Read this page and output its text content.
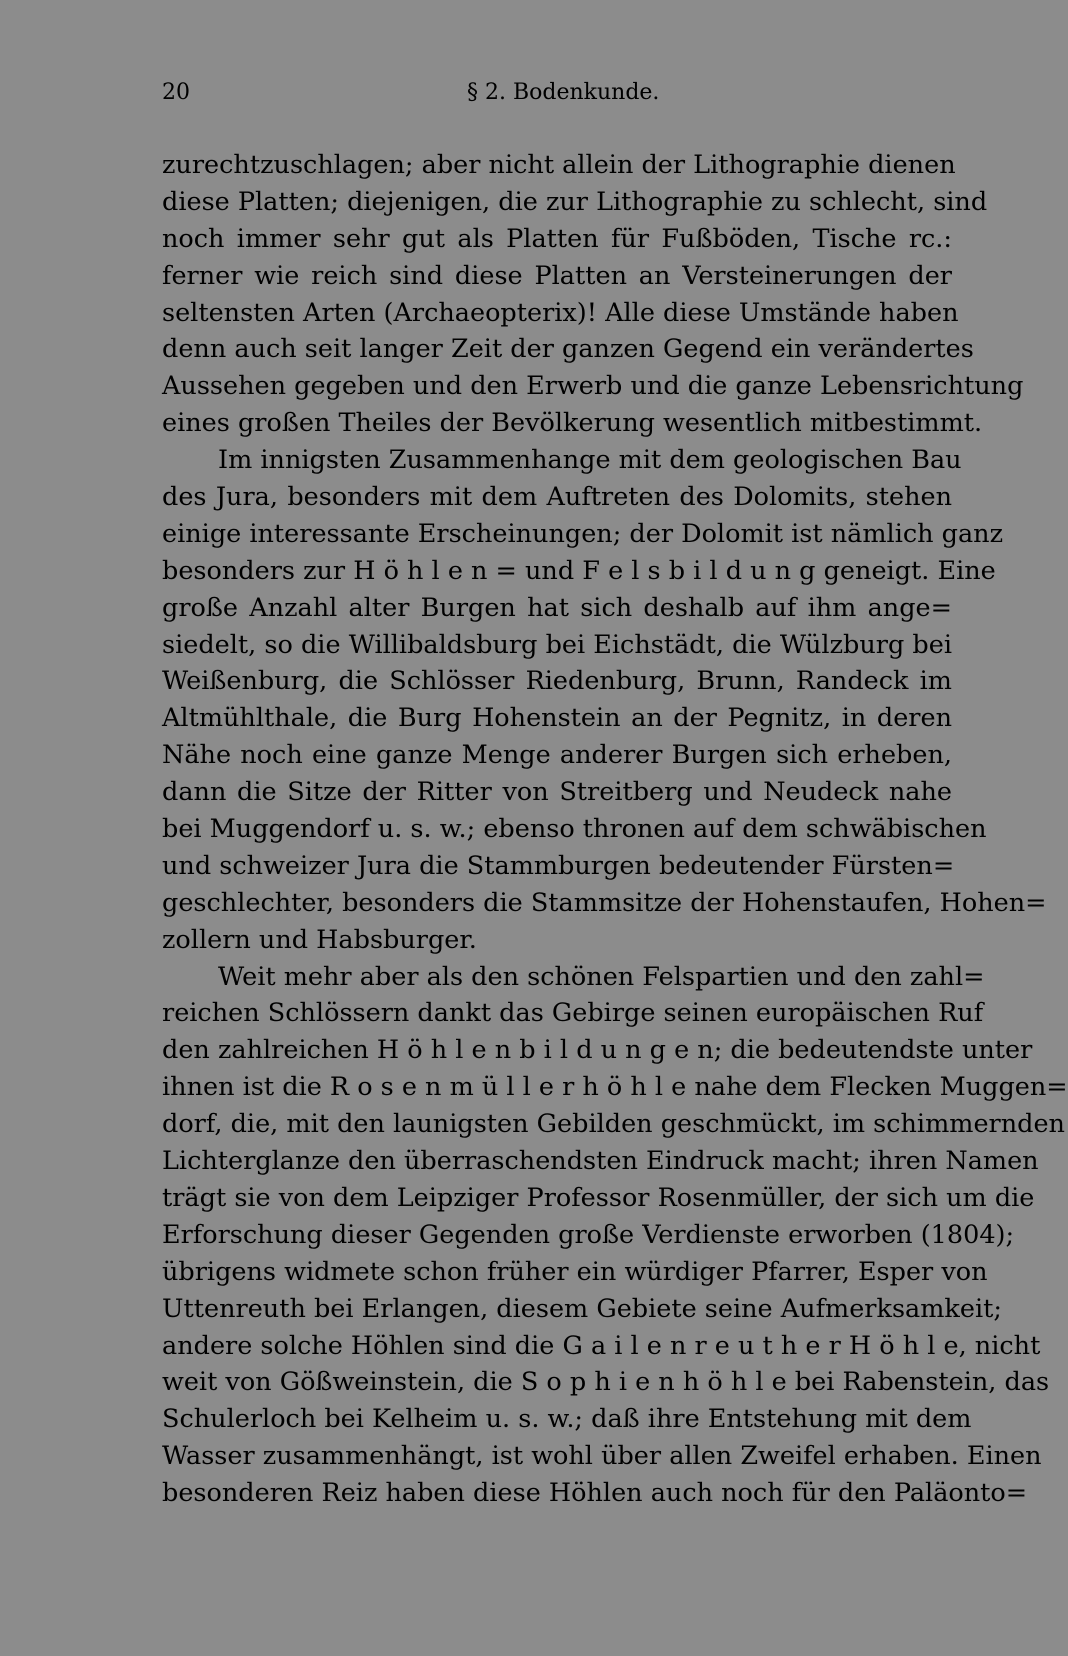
20	§ 2. Bodenkunde.
zurechtzuschlagen; aber nicht allein der Lithographie dienen
diese Platten; diejenigen, die zur Lithographie zu schlecht, sind
noch immer sehr gut als Platten für Fußböden, Tische rc.:
ferner wie reich sind diese Platten an Versteinerungen der
seltensten Arten (Archaeopterix)! Alle diese Umstände haben
denn auch seit langer Zeit der ganzen Gegend ein verändertes
Aussehen gegeben und den Erwerb und die ganze Lebensrichtung
eines großen Theiles der Bevölkerung wesentlich mitbestimmt.
Im innigsten Zusammenhange mit dem geologischen Bau
des Jura, besonders mit dem Auftreten des Dolomits, stehen
einige interessante Erscheinungen; der Dolomit ist nämlich ganz
besonders zur H ö h l e n = und F e l s b i l d u n g geneigt. Eine
große Anzahl alter Burgen hat sich deshalb auf ihm ange=
siedelt, so die Willibaldsburg bei Eichstädt, die Wülzburg bei
Weißenburg, die Schlösser Riedenburg, Brunn, Randeck im
Altmühlthale, die Burg Hohenstein an der Pegnitz, in deren
Nähe noch eine ganze Menge anderer Burgen sich erheben,
dann die Sitze der Ritter von Streitberg und Neudeck nahe
bei Muggendorf u. s. w.; ebenso thronen auf dem schwäbischen
und schweizer Jura die Stammburgen bedeutender Fürsten=
geschlechter, besonders die Stammsitze der Hohenstaufen, Hohen=
zollern und Habsburger.
Weit mehr aber als den schönen Felspartien und den zahl=
reichen Schlössern dankt das Gebirge seinen europäischen Ruf
den zahlreichen H ö h l e n b i l d u n g e n; die bedeutendste unter
ihnen ist die R o s e n m ü l l e r h ö h l e nahe dem Flecken Muggen=
dorf, die, mit den launigsten Gebilden geschmückt, im schimmernden
Lichterglanze den überraschendsten Eindruck macht; ihren Namen
trägt sie von dem Leipziger Professor Rosenmüller, der sich um die
Erforschung dieser Gegenden große Verdienste erworben (1804);
übrigens widmete schon früher ein würdiger Pfarrer, Esper von
Uttenreuth bei Erlangen, diesem Gebiete seine Aufmerksamkeit;
andere solche Höhlen sind die G a i l e n r e u t h e r H ö h l e, nicht
weit von Gößweinstein, die S o p h i e n h ö h l e bei Rabenstein, das
Schulerloch bei Kelheim u. s. w.; daß ihre Entstehung mit dem
Wasser zusammenhängt, ist wohl über allen Zweifel erhaben. Einen
besonderen Reiz haben diese Höhlen auch noch für den Paläonto=
